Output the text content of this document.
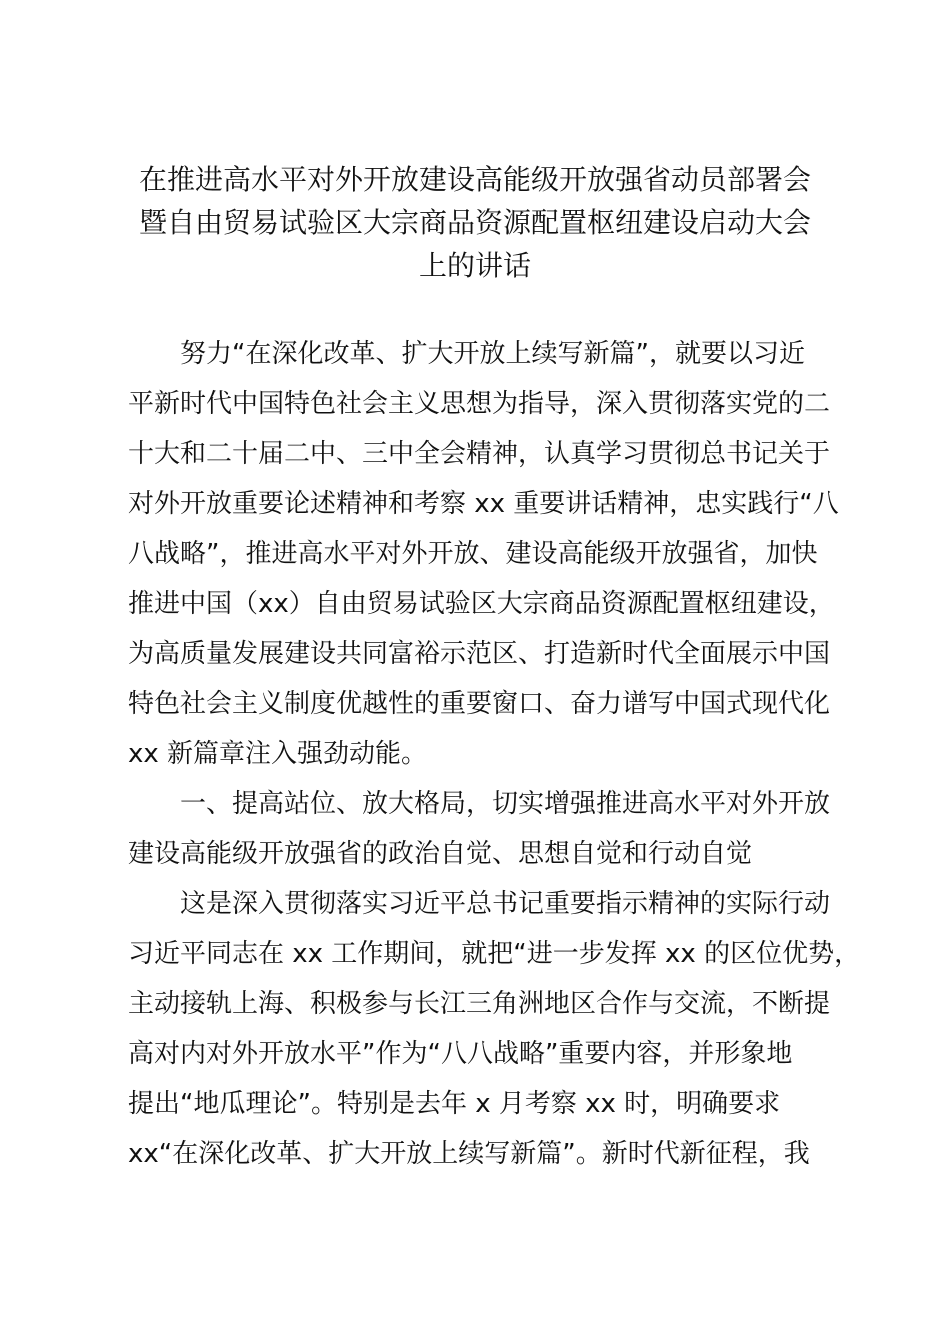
在推进高水平对外开放建设高能级开放强省动员部署会
暨自由贸易试验区大宗商品资源配置枢纽建设启动大会
上的讲话
努力“在深化改革、扩大开放上续写新篇”，就要以习近
平新时代中国特色社会主义思想为指导，深入贯彻落实党的二
十大和二十届二中、三中全会精神，认真学习贯彻总书记关于
对外开放重要论述精神和考察 xx 重要讲话精神，忠实践行“八
八战略”，推进高水平对外开放、建设高能级开放强省，加快
推进中国（xx）自由贸易试验区大宗商品资源配置枢纽建设，
为高质量发展建设共同富裕示范区、打造新时代全面展示中国
特色社会主义制度优越性的重要窗口、奋力谱写中国式现代化
xx 新篇章注入强劲动能。
一、提高站位、放大格局，切实增强推进高水平对外开放
建设高能级开放强省的政治自觉、思想自觉和行动自觉
这是深入贯彻落实习近平总书记重要指示精神的实际行动
习近平同志在 xx 工作期间，就把“进一步发挥 xx 的区位优势，
主动接轨上海、积极参与长江三角洲地区合作与交流，不断提
高对内对外开放水平”作为“八八战略”重要内容，并形象地
提出“地瓜理论”。特别是去年 x 月考察 xx 时，明确要求
xx“在深化改革、扩大开放上续写新篇”。新时代新征程，我
